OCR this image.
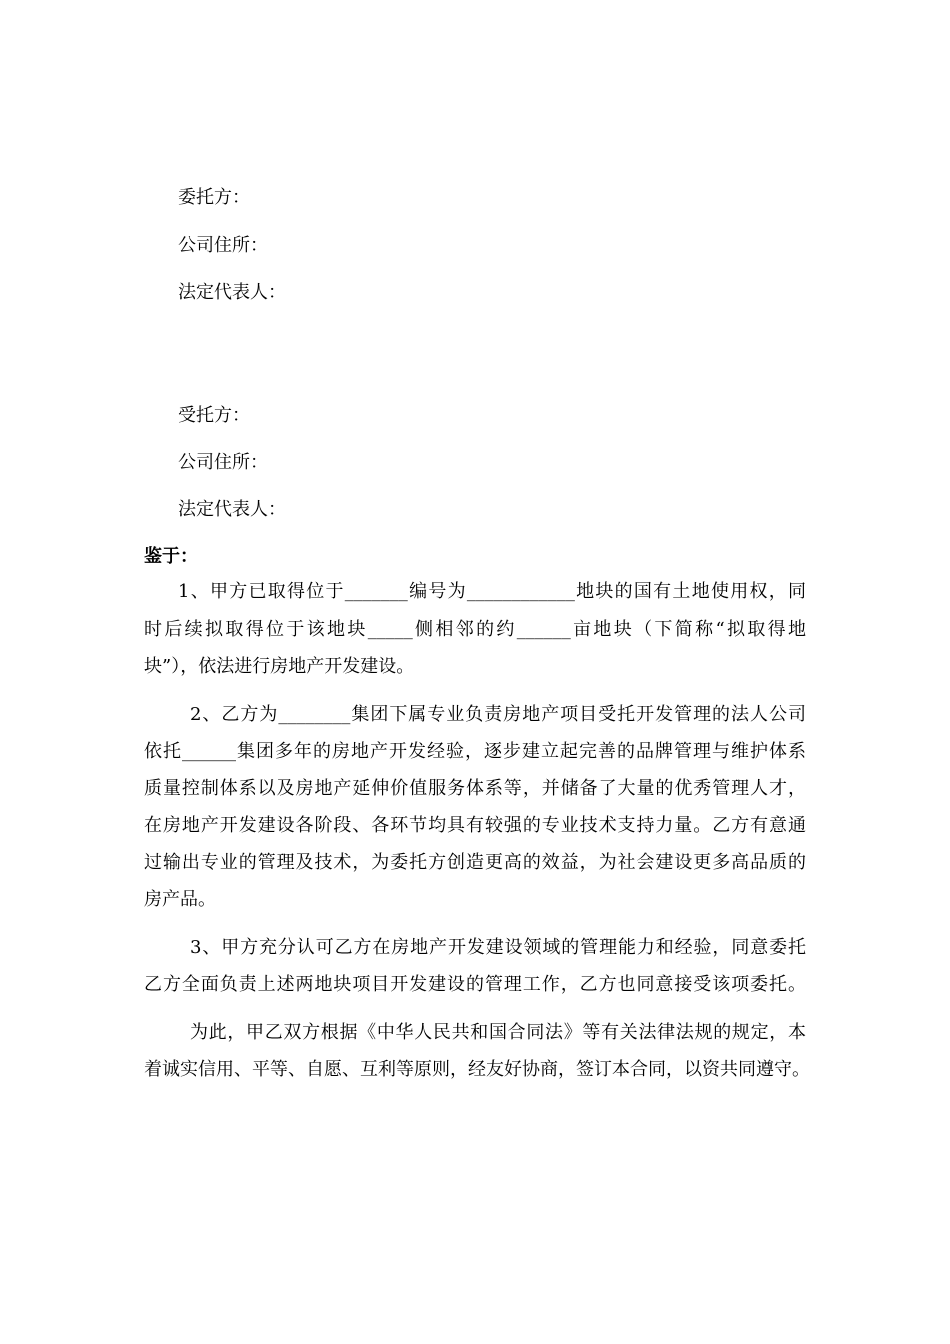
委托方：

公司住所：

法定代表人：

受托方：

公司住所：

法定代表人：

鉴于：

1、甲方已取得位于_______编号为____________地块的国有土地使用权，同

时后续拟取得位于该地块_____侧相邻的约______亩地块（下简称“拟取得地

块”），依法进行房地产开发建设。

2、乙方为________集团下属专业负责房地产项目受托开发管理的法人公司

依托______集团多年的房地产开发经验，逐步建立起完善的品牌管理与维护体系

质量控制体系以及房地产延伸价值服务体系等，并储备了大量的优秀管理人才，

在房地产开发建设各阶段、各环节均具有较强的专业技术支持力量。乙方有意通

过输出专业的管理及技术，为委托方创造更高的效益，为社会建设更多高品质的

房产品。

3、甲方充分认可乙方在房地产开发建设领域的管理能力和经验，同意委托

乙方全面负责上述两地块项目开发建设的管理工作，乙方也同意接受该项委托。

为此，甲乙双方根据《中华人民共和国合同法》等有关法律法规的规定，本

着诚实信用、平等、自愿、互利等原则，经友好协商，签订本合同，以资共同遵守。
